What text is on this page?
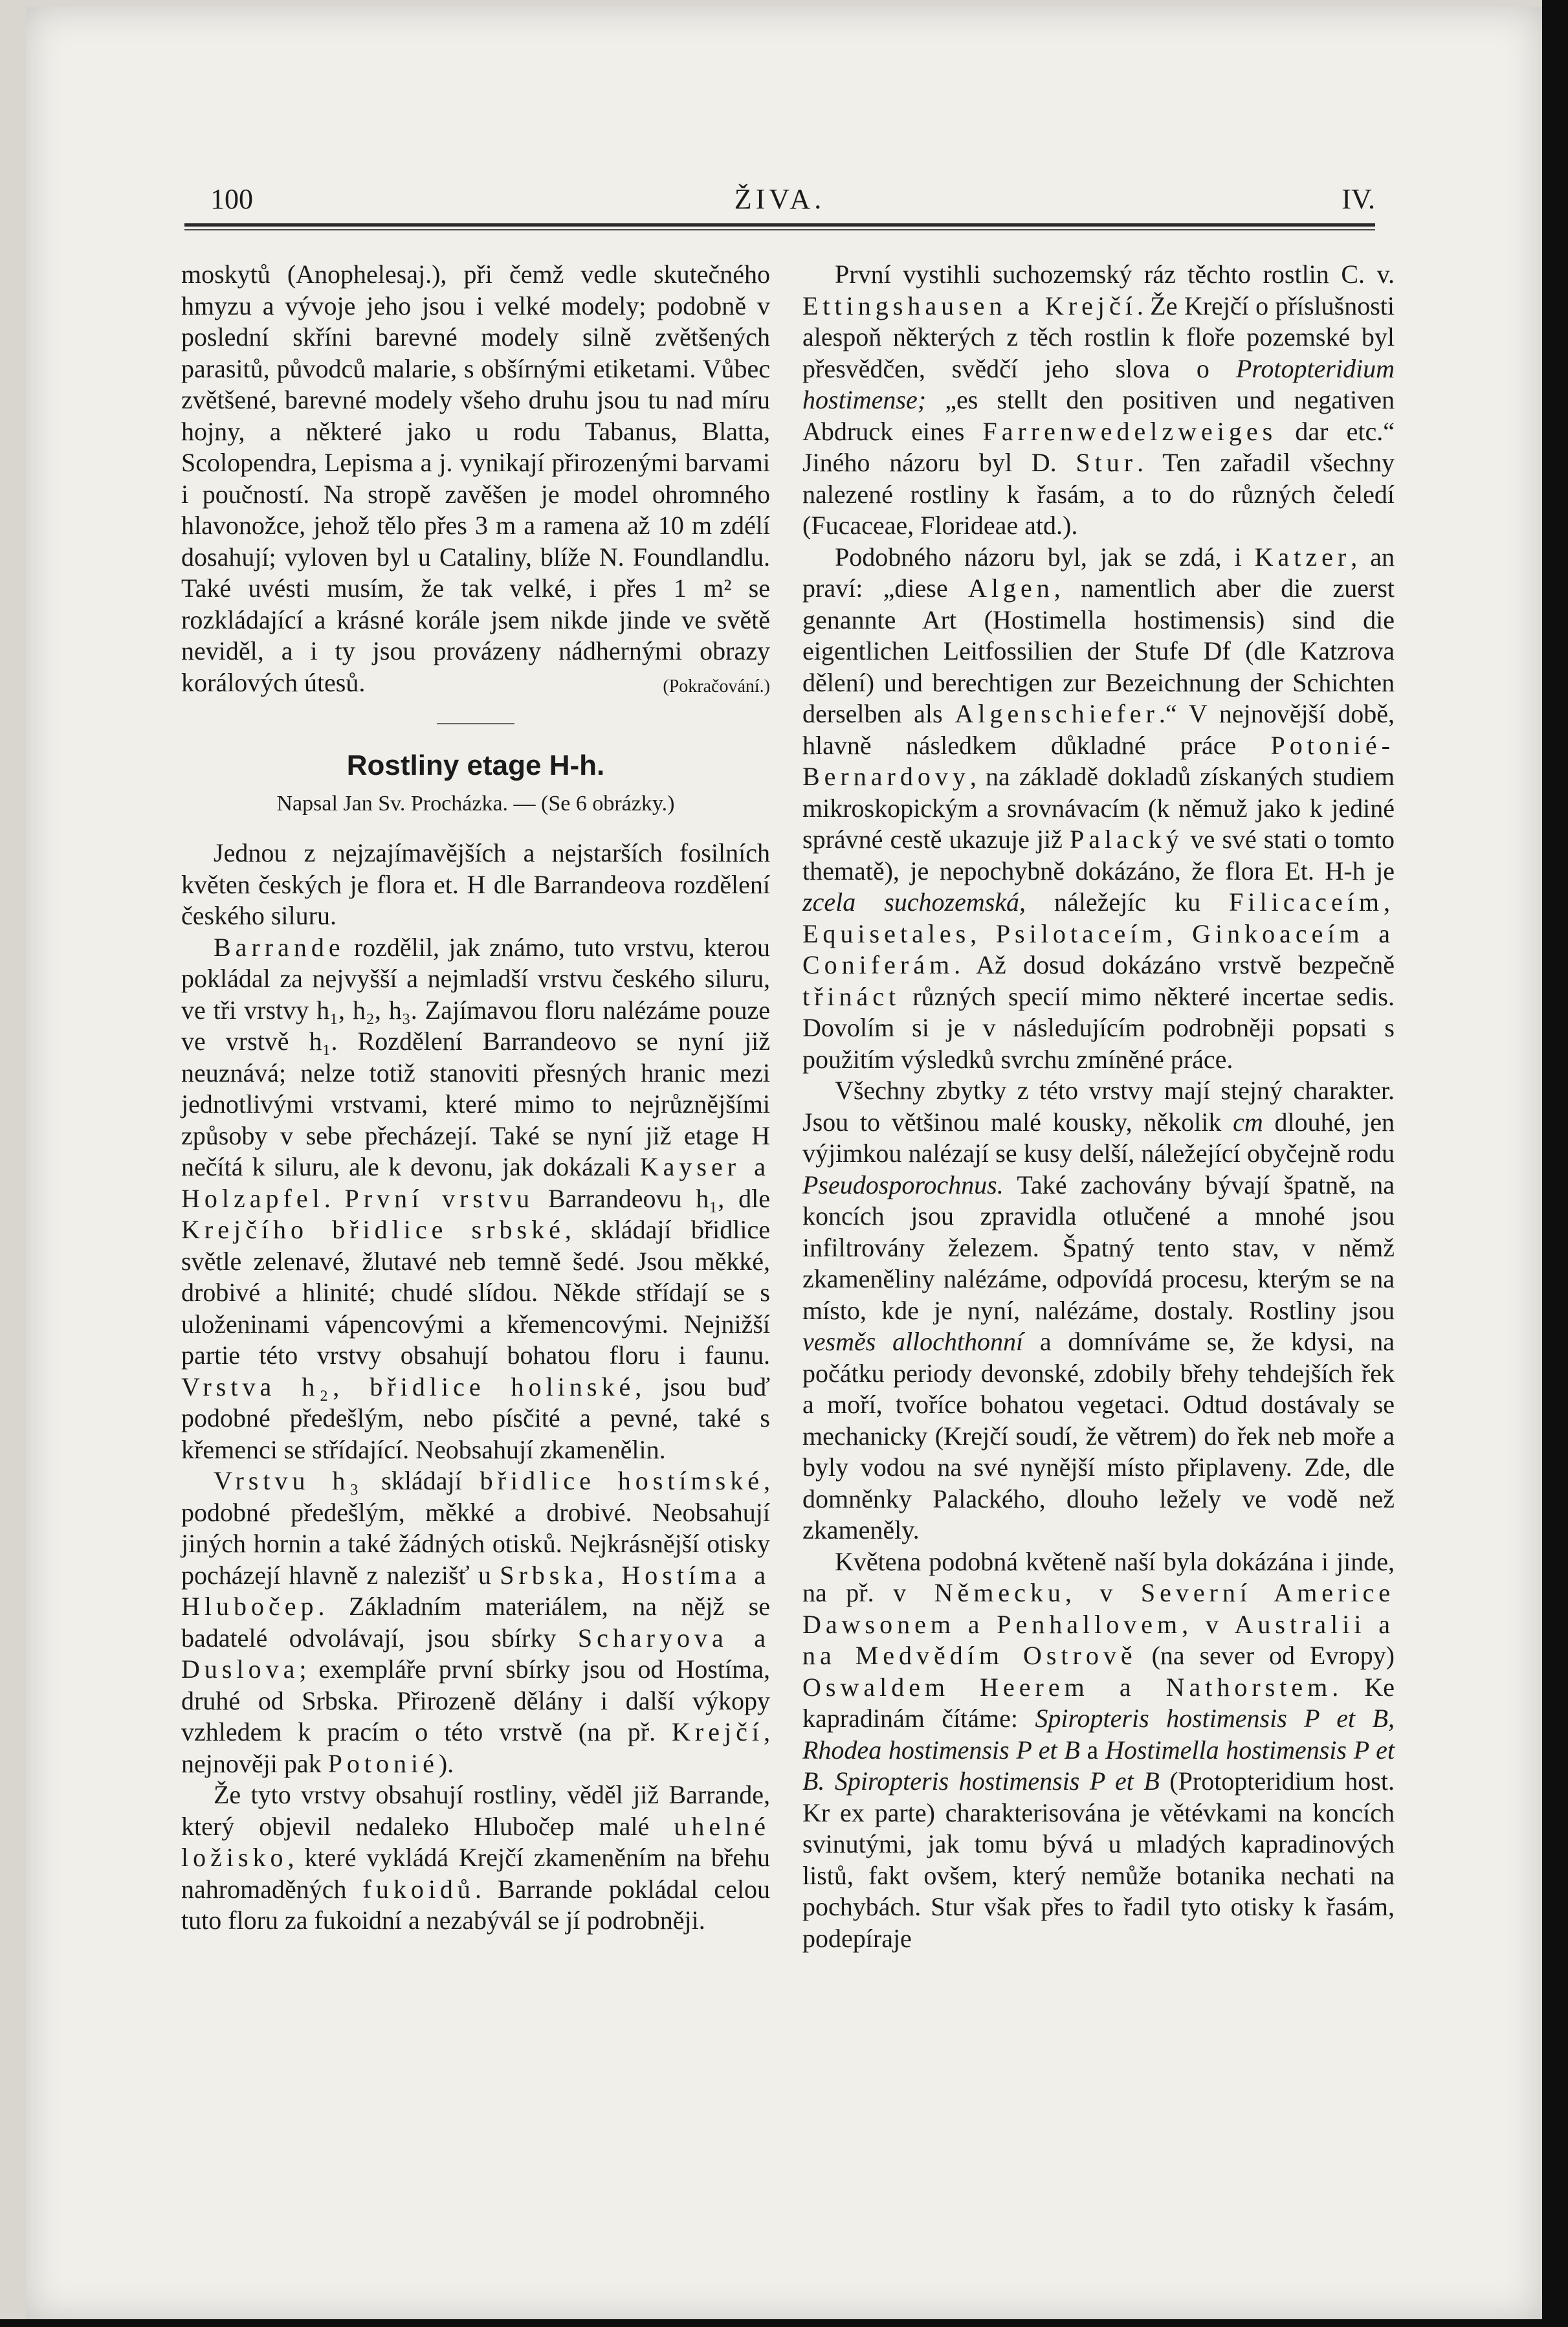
100	ŽIVA.	IV.

moskytů (Anophelesaj.), při čemž vedle skutečného hmyzu a vývoje jeho jsou i velké modely; podobně v poslední skříni barevné modely silně zvětšených parasitů, původců malarie, s obšírnými etiketami. Vůbec zvětšené, barevné modely všeho druhu jsou tu nad míru hojny, a některé jako u rodu Tabanus, Blatta, Scolopendra, Lepisma a j. vynikají přirozenými barvami i poučností. Na stropě zavěšen je model ohromného hlavonožce, jehož tělo přes 3 m a ramena až 10 m zdélí dosahují; vyloven byl u Cataliny, blíže N. Foundlandlu. Také uvésti musím, že tak velké, i přes 1 m² se rozkládající a krásné korále jsem nikde jinde ve světě neviděl, a i ty jsou provázeny nádhernými obrazy korálových útesů.	(Pokračování.)

Rostliny etage H-h.
Napsal Jan Sv. Procházka. — (Se 6 obrázky.)

Jednou z nejzajímavějších a nejstarších fosilních květen českých je flora et. H dle Barrandeova rozdělení českého siluru.

Barrande rozdělil, jak známo, tuto vrstvu, kterou pokládal za nejvyšší a nejmladší vrstvu českého siluru, ve tři vrstvy h₁, h₂, h₃. Zajímavou floru nalézáme pouze ve vrstvě h₁. Rozdělení Barrandeovo se nyní již neuznává; nelze totiž stanoviti přesných hranic mezi jednotlivými vrstvami, které mimo to nejrůznějšími způsoby v sebe přecházejí. Také se nyní již etage H nečítá k siluru, ale k devonu, jak dokázali Kayser a Holzapfel. První vrstvu Barrandeovu h₁, dle Krejčího břidlice srbské, skládají břidlice světle zelenavé, žlutavé neb temně šedé. Jsou měkké, drobivé a hlinité; chudé slídou. Někde střídají se s uloženinami vápencovými a křemencovými. Nejnižší partie této vrstvy obsahují bohatou floru i faunu. Vrstva h₂, břidlice holinské, jsou buď podobné předešlým, nebo písčité a pevné, také s křemenci se střídající. Neobsahují zkamenělin.

Vrstvu h₃ skládají břidlice hostímské, podobné předešlým, měkké a drobivé. Neobsahují jiných hornin a také žádných otisků. Nejkrásnější otisky pocházejí hlavně z nalezišť u Srbska, Hostíma a Hlubočep. Základním materiálem, na nějž se badatelé odvolávají, jsou sbírky Scharyova a Duslova; exempláře první sbírky jsou od Hostíma, druhé od Srbska. Přirozeně dělány i další výkopy vzhledem k pracím o této vrstvě (na př. Krejčí, nejnověji pak Potonié).

Že tyto vrstvy obsahují rostliny, věděl již Barrande, který objevil nedaleko Hlubočep malé uhelné ložisko, které vykládá Krejčí zkameněním na břehu nahromaděných fukoidů. Barrande pokládal celou tuto floru za fukoidní a nezabývál se jí podrobněji.

První vystihli suchozemský ráz těchto rostlin C. v. Ettingshausen a Krejčí. Že Krejčí o příslušnosti alespoň některých z těch rostlin k floře pozemské byl přesvědčen, svědčí jeho slova o Protopteridium hostimense; „es stellt den positiven und negativen Abdruck eines Farrenwedelzweiges dar etc.“ Jiného názoru byl D. Stur. Ten zařadil všechny nalezené rostliny k řasám, a to do různých čeledí (Fucaceae, Florideae atd.).

Podobného názoru byl, jak se zdá, i Katzer, an praví: „diese Algen, namentlich aber die zuerst genannte Art (Hostimella hostimensis) sind die eigentlichen Leitfossilien der Stufe Df (dle Katzrova dělení) und berechtigen zur Bezeichnung der Schichten derselben als Algenschiefer.“ V nejnovější době, hlavně následkem důkladné práce Potonié-Bernardovy, na základě dokladů získaných studiem mikroskopickým a srovnávacím (k němuž jako k jediné správné cestě ukazuje již Palacký ve své stati o tomto thematě), je nepochybně dokázáno, že flora Et. H-h je zcela suchozemská, náležejíc ku Filicaceím, Equisetales, Psilotaceím, Ginkoaceím a Coniferám. Až dosud dokázáno vrstvě bezpečně třináct různých specií mimo některé incertae sedis. Dovolím si je v následujícím podrobněji popsati s použitím výsledků svrchu zmíněné práce.

Všechny zbytky z této vrstvy mají stejný charakter. Jsou to většinou malé kousky, několik cm dlouhé, jen výjimkou nalézají se kusy delší, náležející obyčejně rodu Pseudosporochnus. Také zachovány bývají špatně, na koncích jsou zpravidla otlučené a mnohé jsou infiltrovány železem. Špatný tento stav, v němž zkameněliny nalézáme, odpovídá procesu, kterým se na místo, kde je nyní, nalézáme, dostaly. Rostliny jsou vesměs allochthonní a domníváme se, že kdysi, na počátku periody devonské, zdobily břehy tehdejších řek a moří, tvoříce bohatou vegetaci. Odtud dostávaly se mechanicky (Krejčí soudí, že větrem) do řek neb moře a byly vodou na své nynější místo připlaveny. Zde, dle domněnky Palackého, dlouho ležely ve vodě než zkameněly.

Květena podobná květeně naší byla dokázána i jinde, na př. v Německu, v Severní Americe Dawsonem a Penhallovem, v Australii a na Medvědím Ostrově (na sever od Evropy) Oswaldem Heerem a Nathorstem. Ke kapradinám čítáme: Spiropteris hostimensis P et B, Rhodea hostimensis P et B a Hostimella hostimensis P et B. Spiropteris hostimensis P et B (Protopteridium host. Kr ex parte) charakterisována je větévkami na koncích svinutými, jak tomu bývá u mladých kapradinových listů, fakt ovšem, který nemůže botanika nechati na pochybách. Stur však přes to řadil tyto otisky k řasám, podepíraje
